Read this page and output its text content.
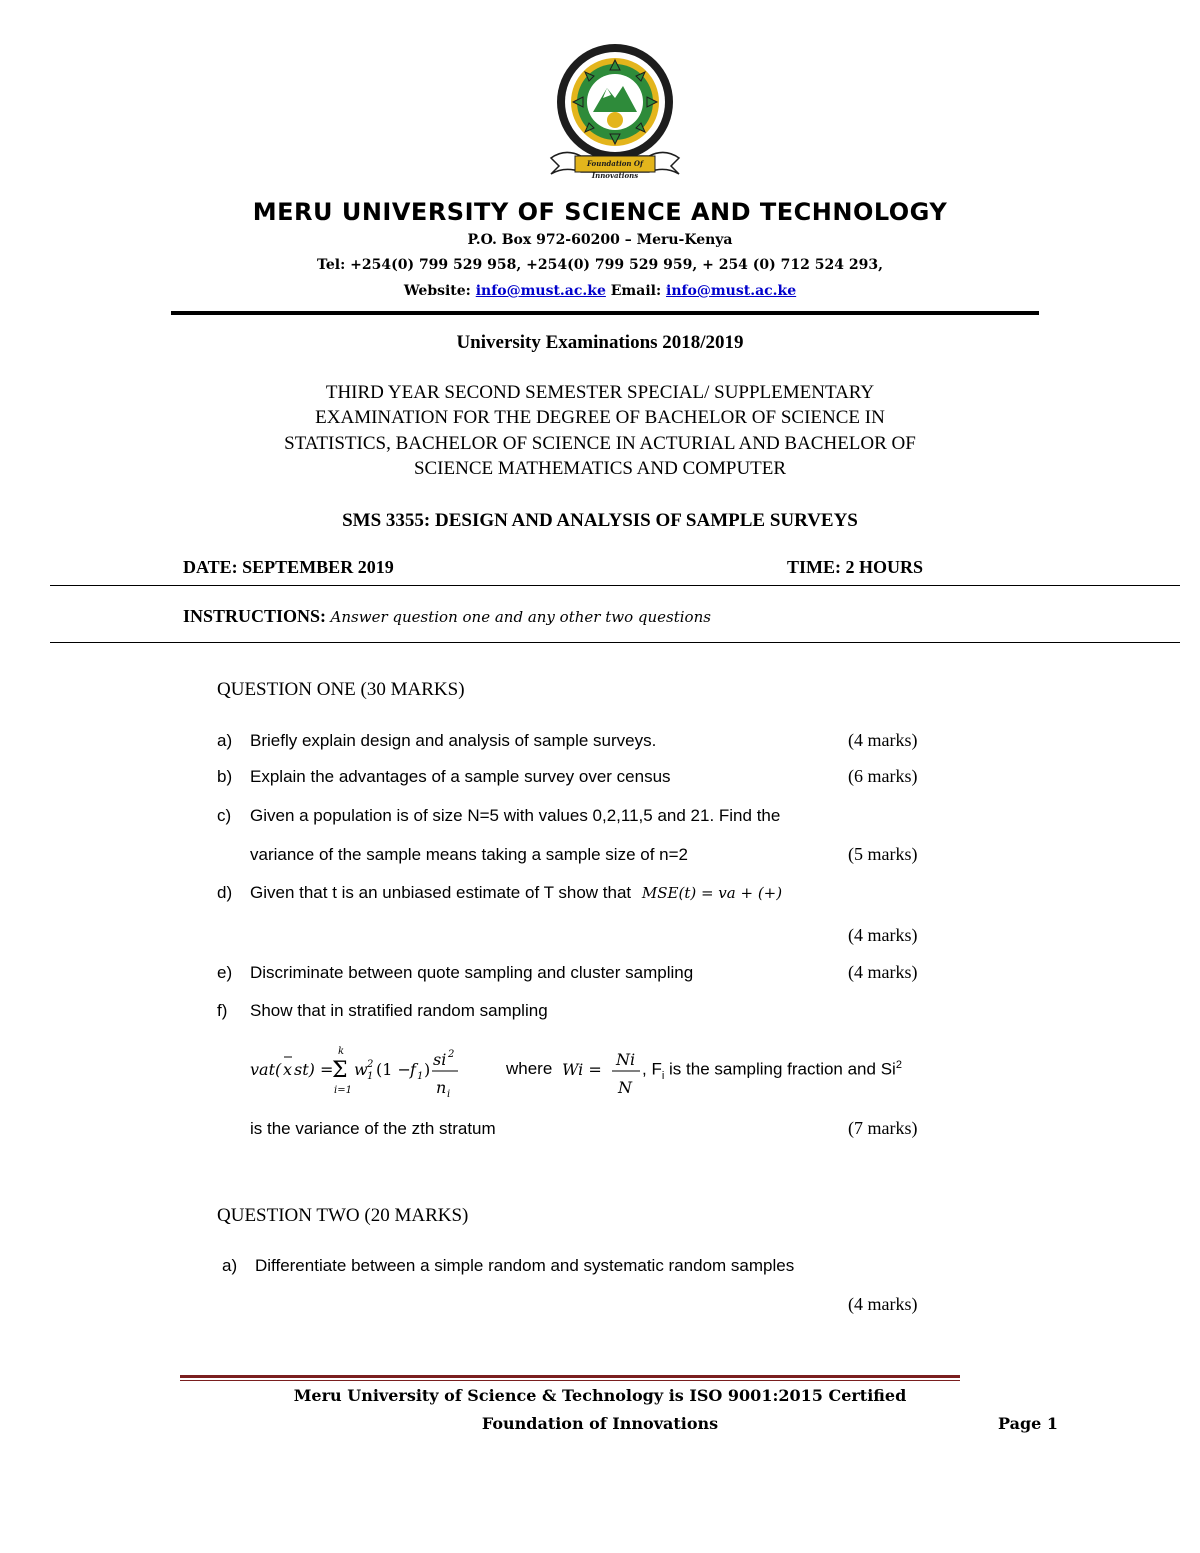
Foundation Of Innovations
MERU UNIVERSITY OF SCIENCE AND TECHNOLOGY
P.O. Box 972-60200 – Meru-Kenya
Tel: +254(0) 799 529 958, +254(0) 799 529 959, + 254 (0) 712 524 293,
Website: info@must.ac.ke Email: info@must.ac.ke
University Examinations 2018/2019
THIRD YEAR SECOND SEMESTER SPECIAL/ SUPPLEMENTARY
EXAMINATION FOR THE DEGREE OF BACHELOR OF SCIENCE IN
STATISTICS, BACHELOR OF SCIENCE IN ACTURIAL AND BACHELOR OF
SCIENCE MATHEMATICS AND COMPUTER
SMS 3355: DESIGN AND ANALYSIS OF SAMPLE SURVEYS
DATE: SEPTEMBER 2019	TIME: 2 HOURS
INSTRUCTIONS: Answer question one and any other two questions
QUESTION ONE (30 MARKS)
a) Briefly explain design and analysis of sample surveys.	(4 marks)
b) Explain the advantages of a sample survey over census	(6 marks)
c) Given a population is of size N=5 with values 0,2,11,5 and 21. Find the
variance of the sample means taking a sample size of n=2	(5 marks)
d) Given that t is an unbiased estimate of T show that MSE(t) = va + (+)
(4 marks)
e) Discriminate between quote sampling and cluster sampling	(4 marks)
f) Show that in stratified random sampling
vat( x st) =
Σ
k
i=1
w 1
2 (1 − f 1 )
si 2
n i
where Wi =
Ni
N
, $F_i$ is the sampling fraction and Si$^2$
is the variance of the zth stratum	(7 marks)
QUESTION TWO (20 MARKS)
a) Differentiate between a simple random and systematic random samples
(4 marks)
Meru University of Science & Technology is ISO 9001:2015 Certified
Foundation of Innovations	Page 1
